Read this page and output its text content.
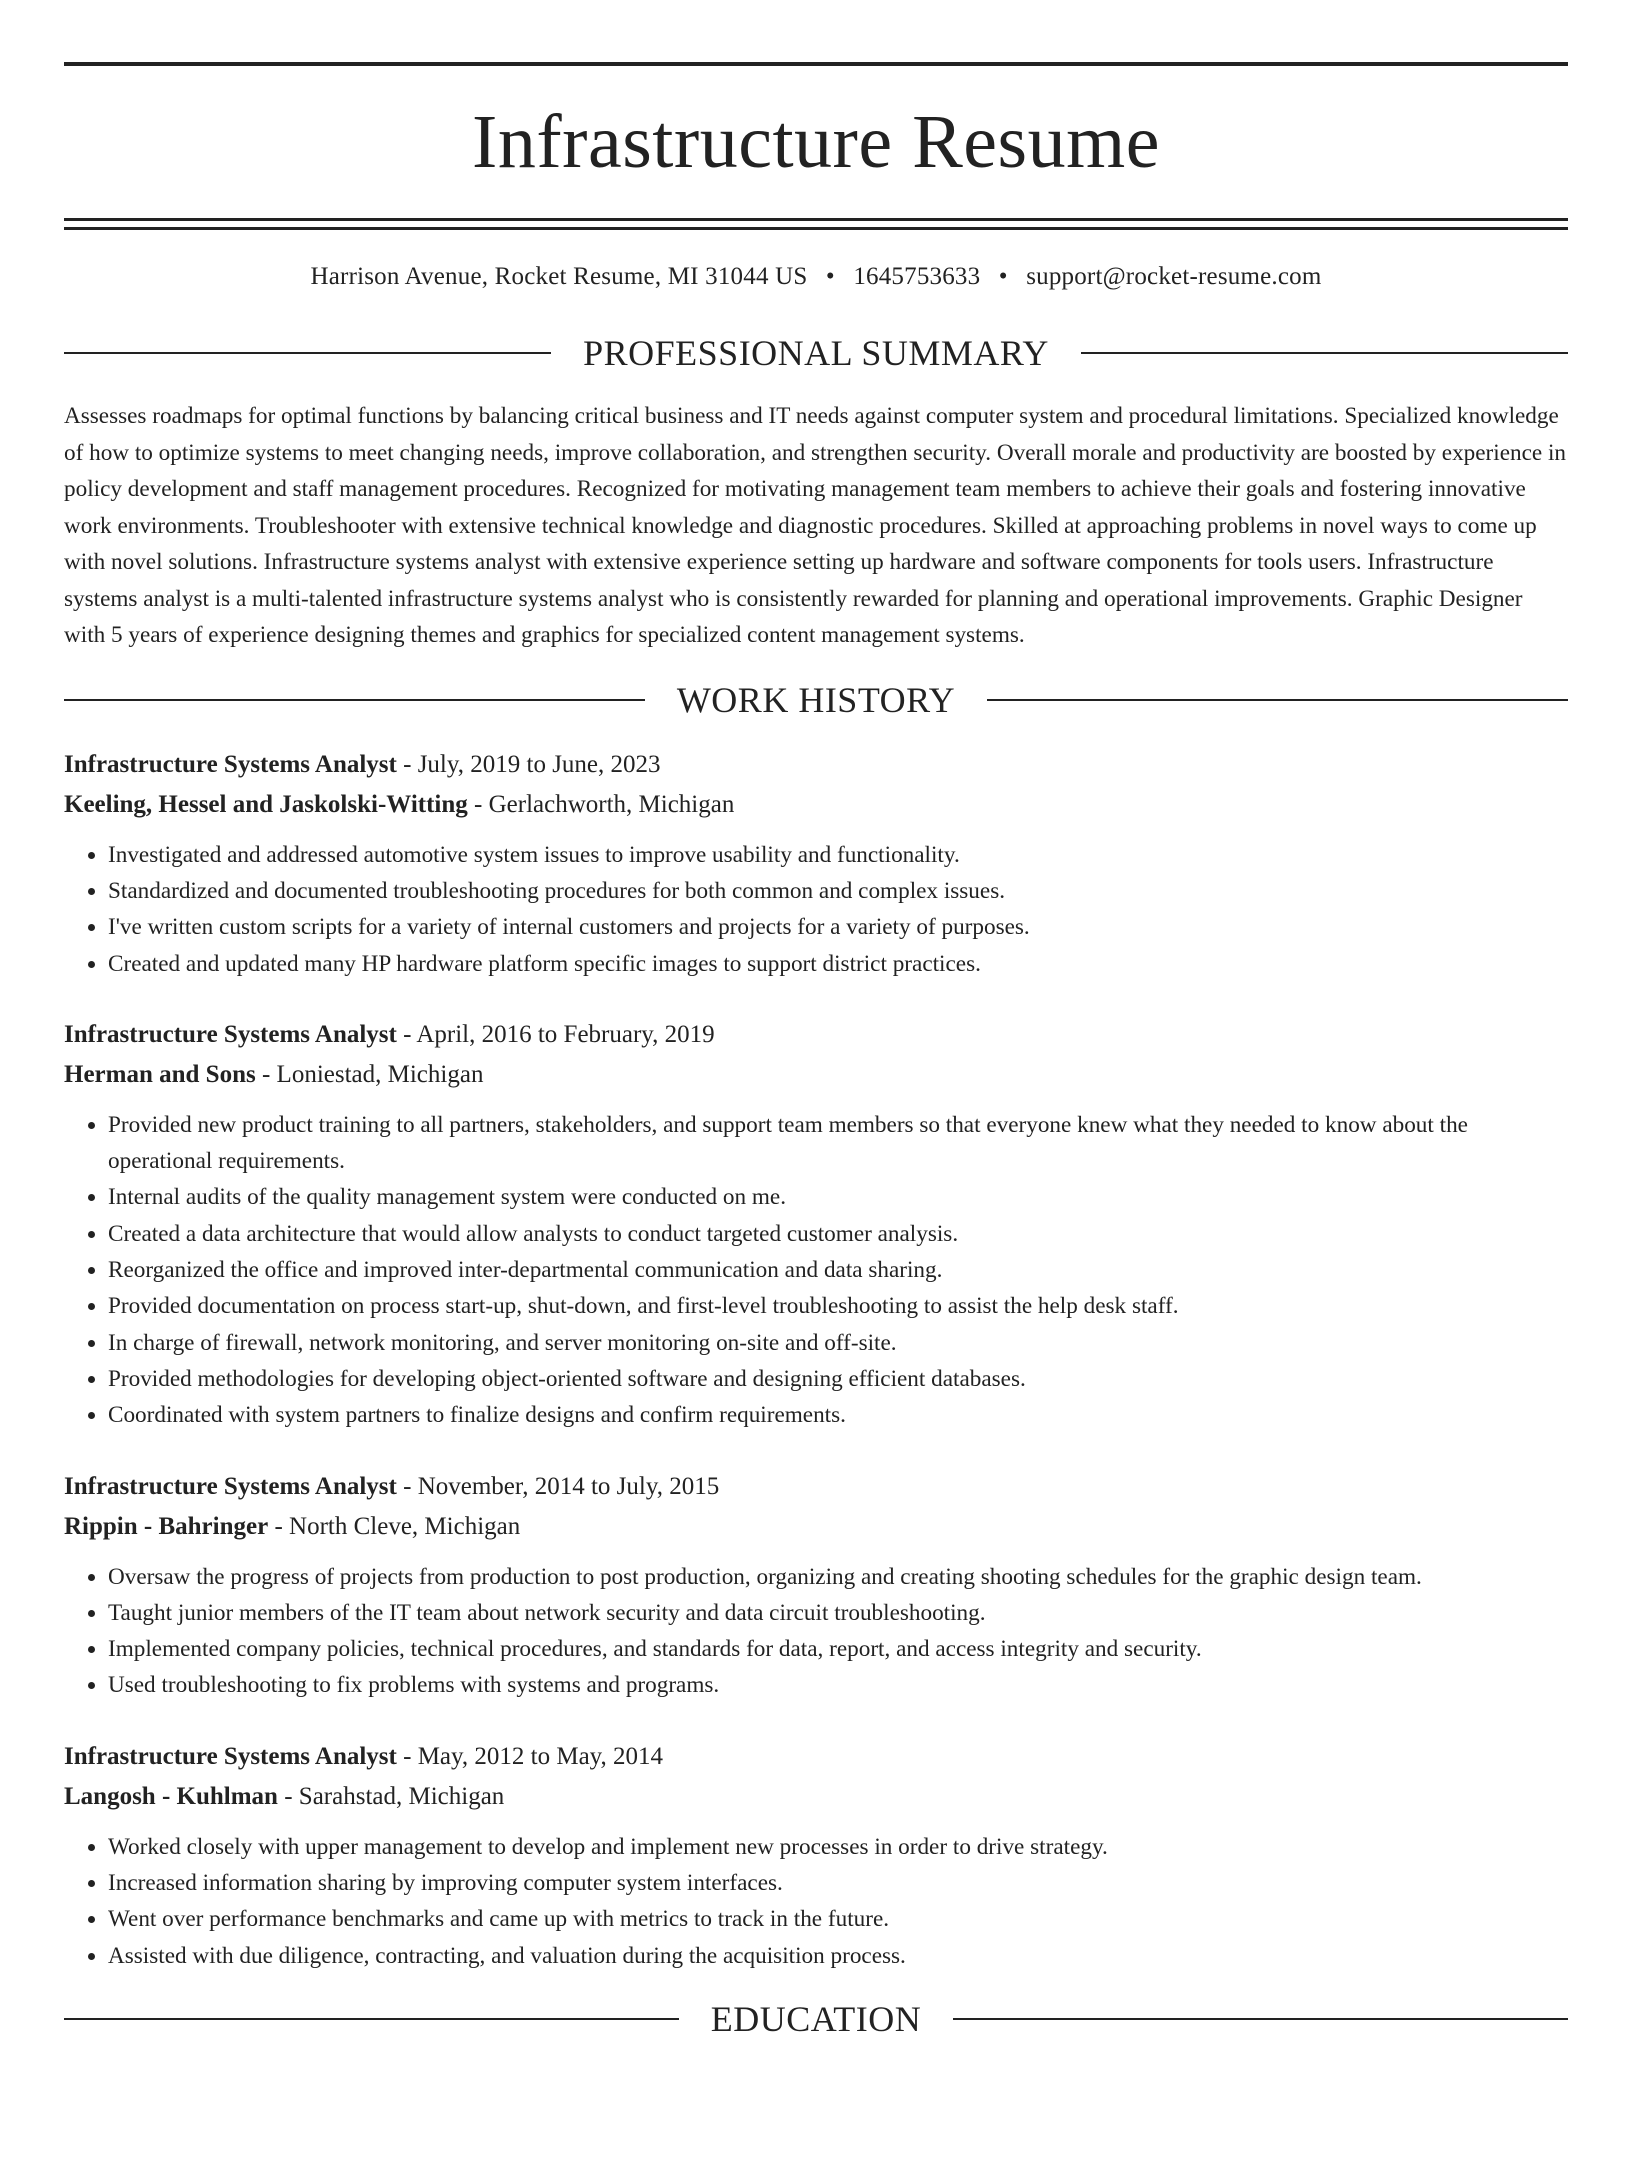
Infrastructure Resume
Harrison Avenue, Rocket Resume, MI 31044 US • 1645753633 • support@rocket-resume.com
PROFESSIONAL SUMMARY

Assesses roadmaps for optimal functions by balancing critical business and IT needs against computer system and procedural limitations. Specialized knowledge of how to optimize systems to meet changing needs, improve collaboration, and strengthen security. Overall morale and productivity are boosted by experience in policy development and staff management procedures. Recognized for motivating management team members to achieve their goals and fostering innovative work environments. Troubleshooter with extensive technical knowledge and diagnostic procedures. Skilled at approaching problems in novel ways to come up with novel solutions. Infrastructure systems analyst with extensive experience setting up hardware and software components for tools users. Infrastructure systems analyst is a multi-talented infrastructure systems analyst who is consistently rewarded for planning and operational improvements. Graphic Designer with 5 years of experience designing themes and graphics for specialized content management systems.

WORK HISTORY
Infrastructure Systems Analyst - July, 2019 to June, 2023
Keeling, Hessel and Jaskolski-Witting - Gerlachworth, Michigan
• Investigated and addressed automotive system issues to improve usability and functionality.
• Standardized and documented troubleshooting procedures for both common and complex issues.
• I've written custom scripts for a variety of internal customers and projects for a variety of purposes.
• Created and updated many HP hardware platform specific images to support district practices.
Infrastructure Systems Analyst - April, 2016 to February, 2019
Herman and Sons - Loniestad, Michigan
• Provided new product training to all partners, stakeholders, and support team members so that everyone knew what they needed to know about the operational requirements.
• Internal audits of the quality management system were conducted on me.
• Created a data architecture that would allow analysts to conduct targeted customer analysis.
• Reorganized the office and improved inter-departmental communication and data sharing.
• Provided documentation on process start-up, shut-down, and first-level troubleshooting to assist the help desk staff.
• In charge of firewall, network monitoring, and server monitoring on-site and off-site.
• Provided methodologies for developing object-oriented software and designing efficient databases.
• Coordinated with system partners to finalize designs and confirm requirements.
Infrastructure Systems Analyst - November, 2014 to July, 2015
Rippin - Bahringer - North Cleve, Michigan
• Oversaw the progress of projects from production to post production, organizing and creating shooting schedules for the graphic design team.
• Taught junior members of the IT team about network security and data circuit troubleshooting.
• Implemented company policies, technical procedures, and standards for data, report, and access integrity and security.
• Used troubleshooting to fix problems with systems and programs.
Infrastructure Systems Analyst - May, 2012 to May, 2014
Langosh - Kuhlman - Sarahstad, Michigan
• Worked closely with upper management to develop and implement new processes in order to drive strategy.
• Increased information sharing by improving computer system interfaces.
• Went over performance benchmarks and came up with metrics to track in the future.
• Assisted with due diligence, contracting, and valuation during the acquisition process.
EDUCATION
